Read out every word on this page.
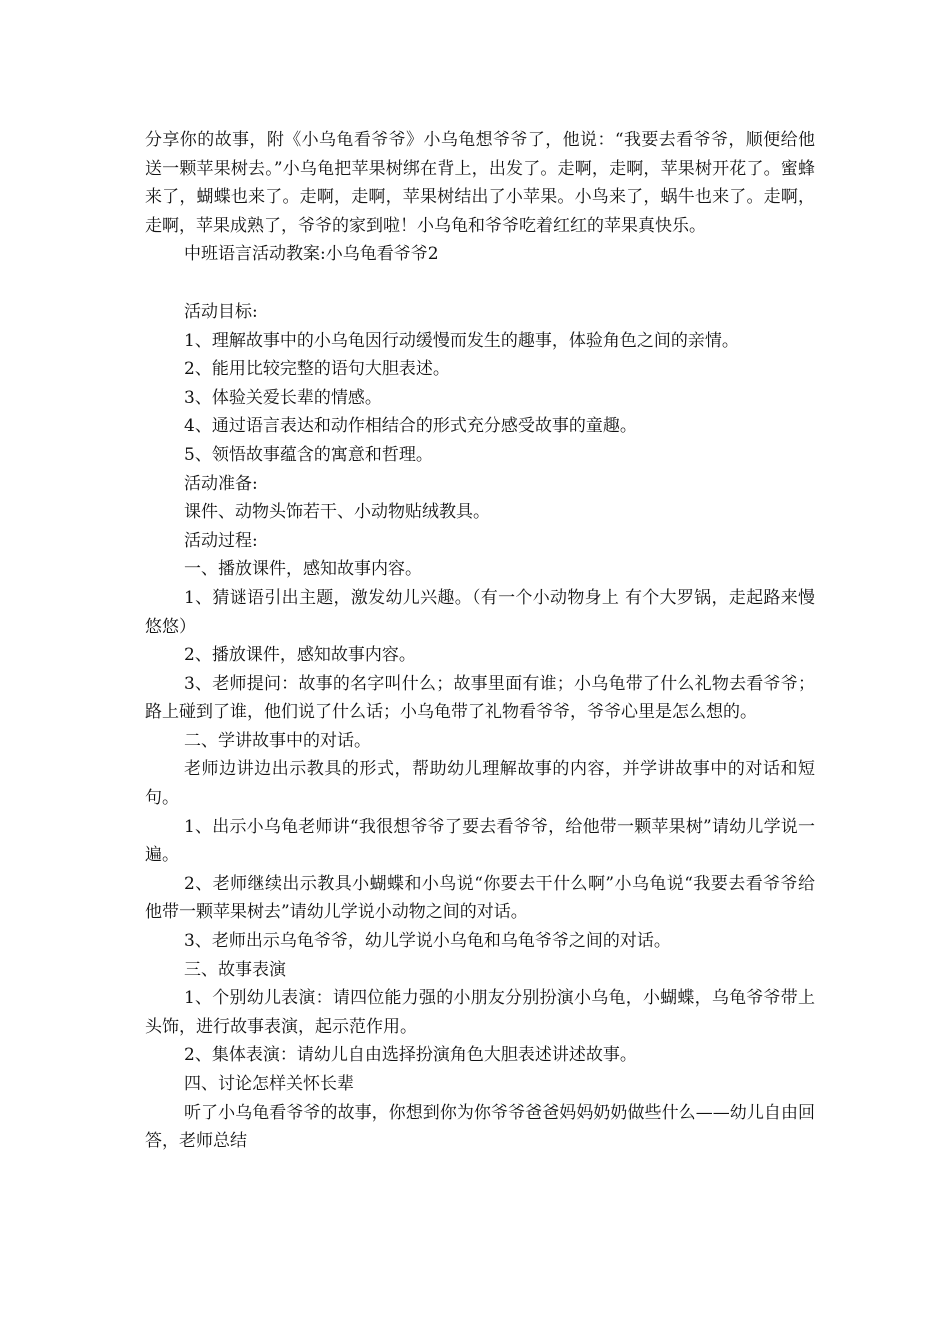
分享你的故事，附《小乌龟看爷爷》小乌龟想爷爷了，他说：“我要去看爷爷，顺便给他送一颗苹果树去。”小乌龟把苹果树绑在背上，出发了。走啊，走啊，苹果树开花了。蜜蜂来了，蝴蝶也来了。走啊，走啊，苹果树结出了小苹果。小鸟来了，蜗牛也来了。走啊，走啊，苹果成熟了，爷爷的家到啦！小乌龟和爷爷吃着红红的苹果真快乐。

中班语言活动教案:小乌龟看爷爷2

活动目标:

1、理解故事中的小乌龟因行动缓慢而发生的趣事，体验角色之间的亲情。

2、能用比较完整的语句大胆表述。

3、体验关爱长辈的情感。

4、通过语言表达和动作相结合的形式充分感受故事的童趣。

5、领悟故事蕴含的寓意和哲理。

活动准备:

课件、动物头饰若干、小动物贴绒教具。

活动过程:

一、播放课件，感知故事内容。

1、猜谜语引出主题，激发幼儿兴趣。（有一个小动物身上 有个大罗锅，走起路来慢悠悠）

2、播放课件，感知故事内容。

3、老师提问：故事的名字叫什么；故事里面有谁；小乌龟带了什么礼物去看爷爷；路上碰到了谁，他们说了什么话；小乌龟带了礼物看爷爷，爷爷心里是怎么想的。

二、学讲故事中的对话。

老师边讲边出示教具的形式，帮助幼儿理解故事的内容，并学讲故事中的对话和短句。

1、出示小乌龟老师讲“我很想爷爷了要去看爷爷，给他带一颗苹果树”请幼儿学说一遍。

2、老师继续出示教具小蝴蝶和小鸟说“你要去干什么啊”小乌龟说“我要去看爷爷给他带一颗苹果树去”请幼儿学说小动物之间的对话。

3、老师出示乌龟爷爷，幼儿学说小乌龟和乌龟爷爷之间的对话。

三、故事表演

1、个别幼儿表演：请四位能力强的小朋友分别扮演小乌龟，小蝴蝶，乌龟爷爷带上头饰，进行故事表演，起示范作用。

2、集体表演：请幼儿自由选择扮演角色大胆表述讲述故事。

四、讨论怎样关怀长辈

听了小乌龟看爷爷的故事，你想到你为你爷爷爸爸妈妈奶奶做些什么——幼儿自由回答，老师总结
